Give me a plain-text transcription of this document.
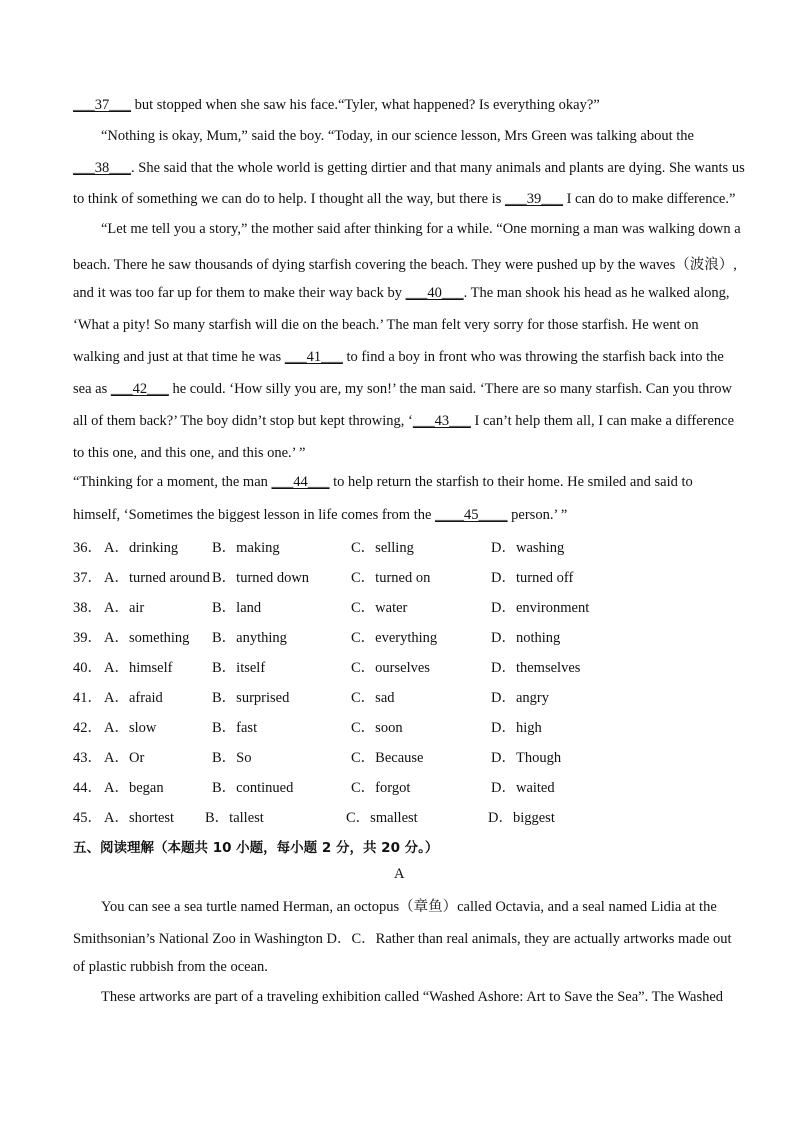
___37___ but stopped when she saw his face.“Tyler, what happened? Is everything okay?”
“Nothing is okay, Mum,” said the boy. “Today, in our science lesson, Mrs Green was talking about the
___38___. She said that the whole world is getting dirtier and that many animals and plants are dying. She wants us
to think of something we can do to help. I thought all the way, but there is ___39___ I can do to make difference.”
“Let me tell you a story,” the mother said after thinking for a while. “One morning a man was walking down a
beach. There he saw thousands of dying starfish covering the beach. They were pushed up by the waves（波浪）,
and it was too far up for them to make their way back by ___40___. The man shook his head as he walked along,
‘What a pity! So many starfish will die on the beach.’ The man felt very sorry for those starfish. He went on
walking and just at that time he was ___41___ to find a boy in front who was throwing the starfish back into the
sea as ___42___ he could. ‘How silly you are, my son!’ the man said. ‘There are so many starfish. Can you throw
all of them back?’ The boy didn’t stop but kept throwing, ‘___43___ I can’t help them all, I can make a difference
to this one, and this one, and this one.’ ”
“Thinking for a moment, the man ___44___ to help return the starfish to their home. He smiled and said to
himself, ‘Sometimes the biggest lesson in life comes from the ____45____ person.’ ”
36． A．drinking B．making	C．selling	D．washing
37． A．turned around B．turned down	C．turned on	D．turned off
38． A．air	B．land	C．water	D．environment
39． A．something B．anything	C．everything	D．nothing
40． A．himself	B．itself	C．ourselves	D．themselves
41． A．afraid	B．surprised	C．sad	D．angry
42． A．slow	B．fast	C．soon	D．high
43． A．Or	B．So	C．Because	D．Though
44． A．began	B．continued	C．forgot	D．waited
45． A．shortest B．tallest	C．smallest	D．biggest
五、阅读理解（本题共 10 小题，每小题 2 分，共 20 分。）
A
You can see a sea turtle named Herman, an octopus（章鱼）called Octavia, and a seal named Lidia at the
Smithsonian’s National Zoo in Washington D．C．Rather than real animals, they are actually artworks made out
of plastic rubbish from the ocean.
These artworks are part of a traveling exhibition called “Washed Ashore: Art to Save the Sea”. The Washed
